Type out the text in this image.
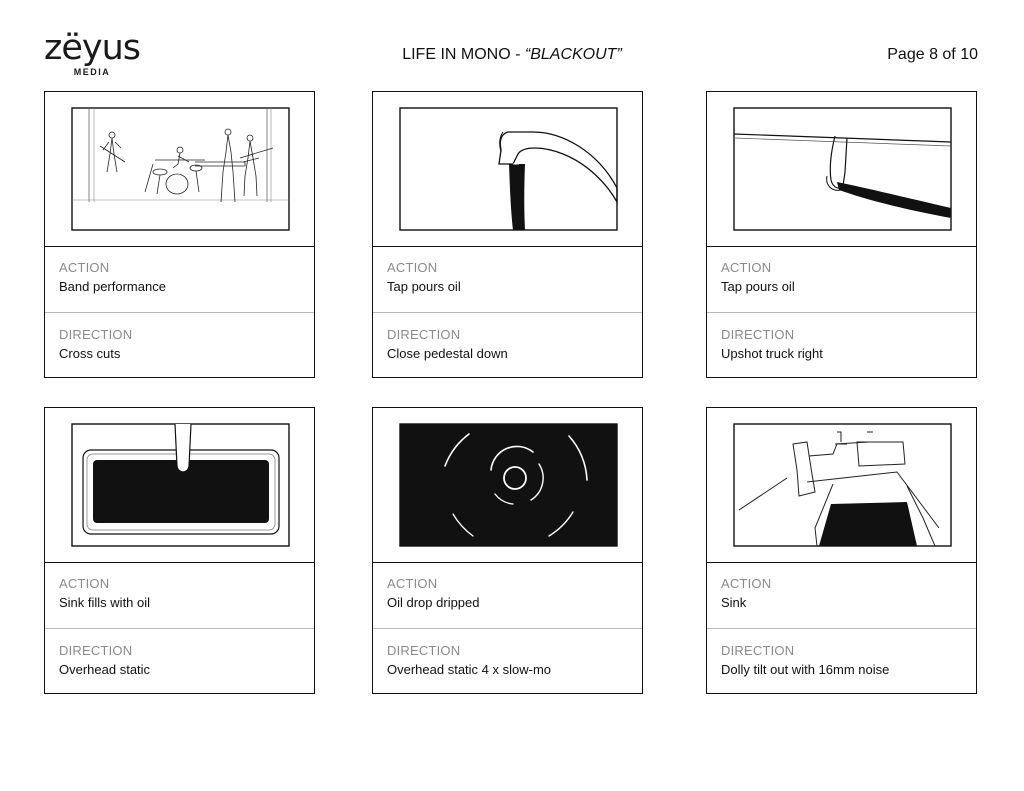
zëyus
MEDIA
LIFE IN MONO - “BLACKOUT”	Page 8 of 10
ACTION
Band performance
DIRECTION
Cross cuts
ACTION
Tap pours oil
DIRECTION
Close pedestal down
ACTION
Tap pours oil
DIRECTION
Upshot truck right
ACTION
Sink fills with oil
DIRECTION
Overhead static
ACTION
Oil drop dripped
DIRECTION
Overhead static 4 x slow-mo
ACTION
Sink
DIRECTION
Dolly tilt out with 16mm noise
